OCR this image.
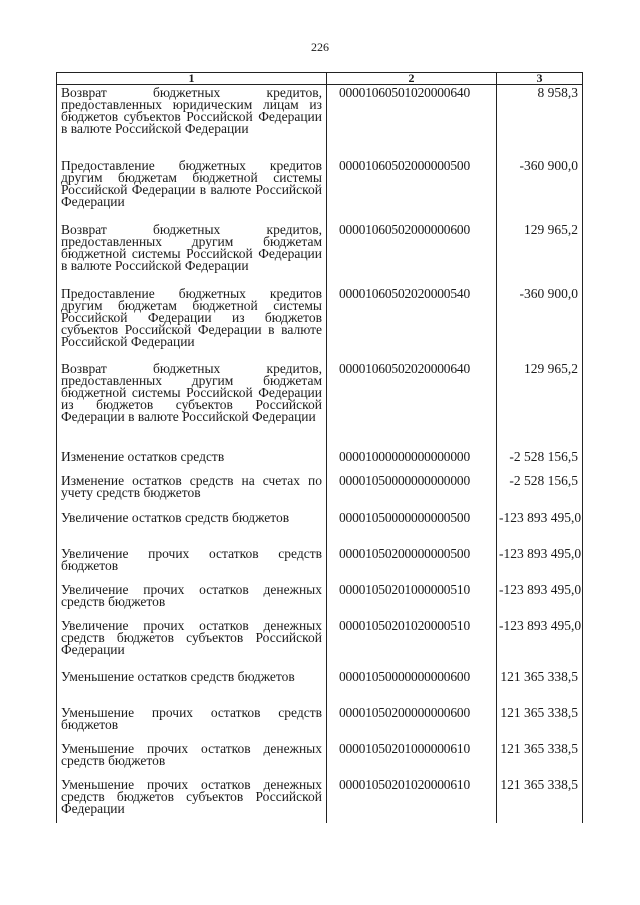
226
1	2	3
Возврат бюджетных кредитов, предоставленных юридическим лицам из бюджетов субъектов Российской Федерации в валюте Российской Федерации	00001060501020000640	8 958,3
Предоставление бюджетных кредитов другим бюджетам бюджетной системы Российской Федерации в валюте Российской Федерации	00001060502000000500	-360 900,0
Возврат бюджетных кредитов, предоставленных другим бюджетам бюджетной системы Российской Федерации в валюте Российской Федерации	00001060502000000600	129 965,2
Предоставление бюджетных кредитов другим бюджетам бюджетной системы Российской Федерации из бюджетов субъектов Российской Федерации в валюте Российской Федерации	00001060502020000540	-360 900,0
Возврат бюджетных кредитов, предоставленных другим бюджетам бюджетной системы Российской Федерации из бюджетов субъектов Российской Федерации в валюте Российской Федерации	00001060502020000640	129 965,2
Изменение остатков средств	00001000000000000000	-2 528 156,5
Изменение остатков средств на счетах по учету средств бюджетов	00001050000000000000	-2 528 156,5
Увеличение остатков средств бюджетов	00001050000000000500	-123 893 495,0
Увеличение прочих остатков средств бюджетов	00001050200000000500	-123 893 495,0
Увеличение прочих остатков денежных средств бюджетов	00001050201000000510	-123 893 495,0
Увеличение прочих остатков денежных средств бюджетов субъектов Российской Федерации	00001050201020000510	-123 893 495,0
Уменьшение остатков средств бюджетов	00001050000000000600	121 365 338,5
Уменьшение прочих остатков средств бюджетов	00001050200000000600	121 365 338,5
Уменьшение прочих остатков денежных средств бюджетов	00001050201000000610	121 365 338,5
Уменьшение прочих остатков денежных средств бюджетов субъектов Российской Федерации	00001050201020000610	121 365 338,5
